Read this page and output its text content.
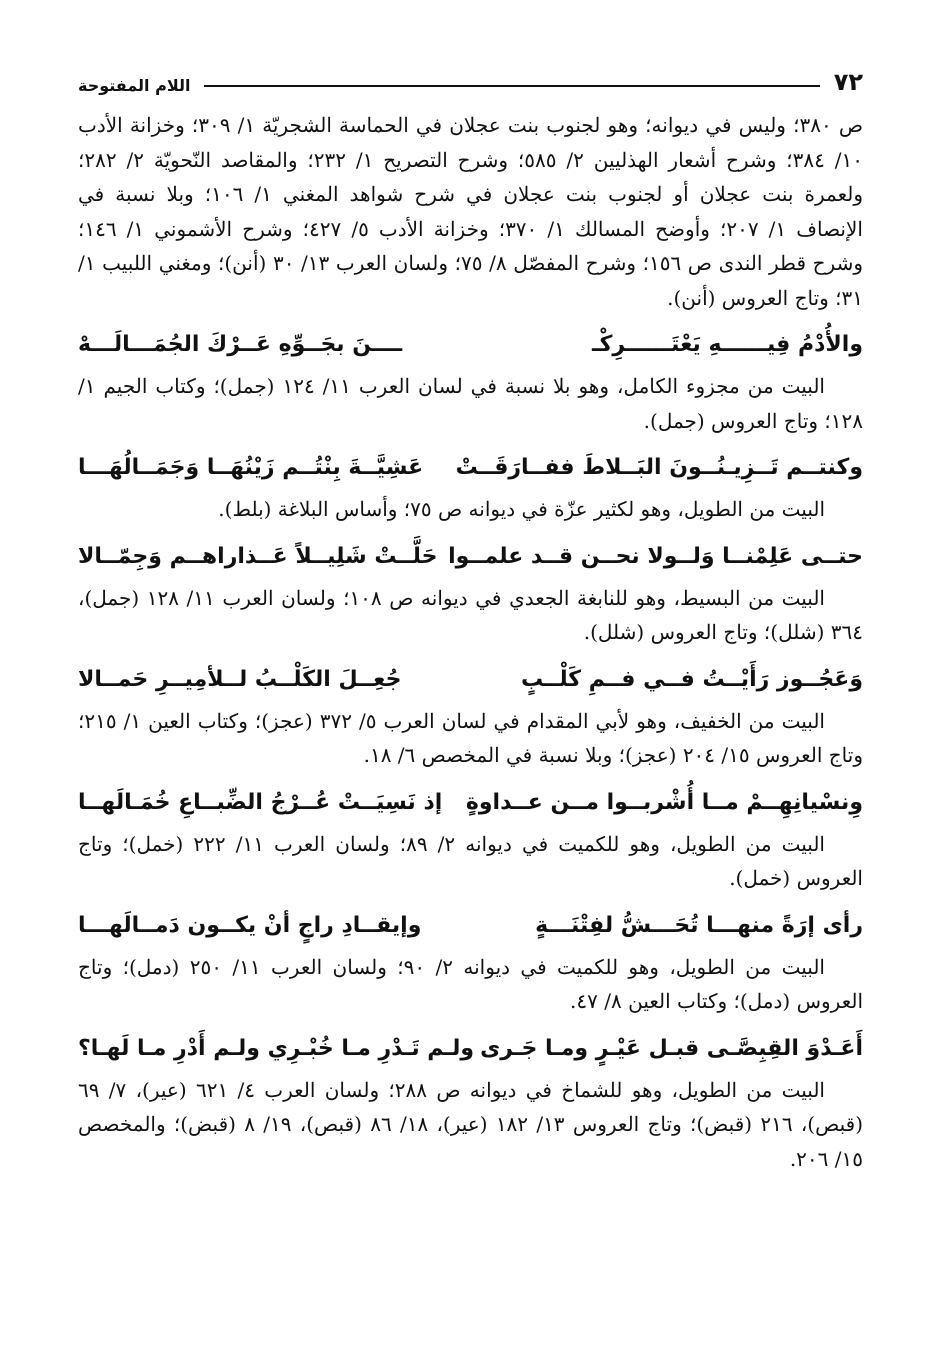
٧٢
اللام المفتوحة

ص ٣٨٠؛ وليس في ديوانه؛ وهو لجنوب بنت عجلان في الحماسة الشجريّة ١/ ٣٠٩؛ وخزانة الأدب ١٠/ ٣٨٤؛ وشرح أشعار الهذليين ٢/ ٥٨٥؛ وشرح التصريح ١/ ٢٣٢؛ والمقاصد النّحويّة ٢/ ٢٨٢؛ ولعمرة بنت عجلان أو لجنوب بنت عجلان في شرح شواهد المغني ١/ ١٠٦؛ وبلا نسبة في الإنصاف ١/ ٢٠٧؛ وأوضح المسالك ١/ ٣٧٠؛ وخزانة الأدب ٥/ ٤٢٧؛ وشرح الأشموني ١/ ١٤٦؛ وشرح قطر الندى ص ١٥٦؛ وشرح المفصّل ٨/ ٧٥؛ ولسان العرب ١٣/ ٣٠ (أنن)؛ ومغني اللبيب ١/ ٣١؛ وتاج العروس (أنن).

والأُدْمُ فِيــــــهِ يَعْتَــــــرِكْـ
ــــنَ بجَــوِّهِ عَــرْكَ الجُمَـــالَـــهْ

البيت من مجزوء الكامل، وهو بلا نسبة في لسان العرب ١١/ ١٢٤ (جمل)؛ وكتاب الجيم ١/ ١٢٨؛ وتاج العروس (جمل).

وكنتــم تَــزِيـنُــونَ البَــلاطَ ففــارَقَــتْ
عَشِيَّــةَ بِنْتُــم زَيْنُهَــا وَجَمَــالُهَـــا

البيت من الطويل، وهو لكثير عزّة في ديوانه ص ٧٥؛ وأساس البلاغة (بلط).

حتــى عَلِمْنــا وَلــولا نحــن قــد علمــوا
حَلَّــتْ شَلِيــلاً عَــذاراهــم وَجِمّــالا

البيت من البسيط، وهو للنابغة الجعدي في ديوانه ص ١٠٨؛ ولسان العرب ١١/ ١٢٨ (جمل)، ٣٦٤ (شلل)؛ وتاج العروس (شلل).

وَعَجُــوز رَأَيْــتُ فــي فــمِ كَلْــبٍ
جُعِــلَ الكَلْــبُ لــلأمِيــرِ حَمــالا

البيت من الخفيف، وهو لأبي المقدام في لسان العرب ٥/ ٣٧٢ (عجز)؛ وكتاب العين ١/ ٢١٥؛ وتاج العروس ١٥/ ٢٠٤ (عجز)؛ وبلا نسبة في المخصص ٦/ ١٨.

وِنسْيانِهِــمْ مــا أُشْربــوا مــن عــداوةٍ
إذ نَسِيَــتْ عُــرْجُ الضِّبــاعِ خُمَـالَهــا

البيت من الطويل، وهو للكميت في ديوانه ٢/ ٨٩؛ ولسان العرب ١١/ ٢٢٢ (خمل)؛ وتاج العروس (خمل).

رأى إرَةً منهـــا تُحَـــشُّ لفِتْنَـــةٍ
وإيقــادِ راجٍ أنْ يكــون دَمــالَهـــا

البيت من الطويل، وهو للكميت في ديوانه ٢/ ٩٠؛ ولسان العرب ١١/ ٢٥٠ (دمل)؛ وتاج العروس (دمل)؛ وكتاب العين ٨/ ٤٧.

أَعَـدْوَ القِبِصَّـى قبـل عَيْـرٍ ومـا جَـرى
ولـم تَـدْرِ مـا خُبْـرِي ولـم أَدْرِ مـا لَهـا؟

البيت من الطويل، وهو للشماخ في ديوانه ص ٢٨٨؛ ولسان العرب ٤/ ٦٢١ (عير)، ٧/ ٦٩ (قبص)، ٢١٦ (قبض)؛ وتاج العروس ١٣/ ١٨٢ (عير)، ١٨/ ٨٦ (قبص)، ١٩/ ٨ (قبض)؛ والمخصص ١٥/ ٢٠٦.
